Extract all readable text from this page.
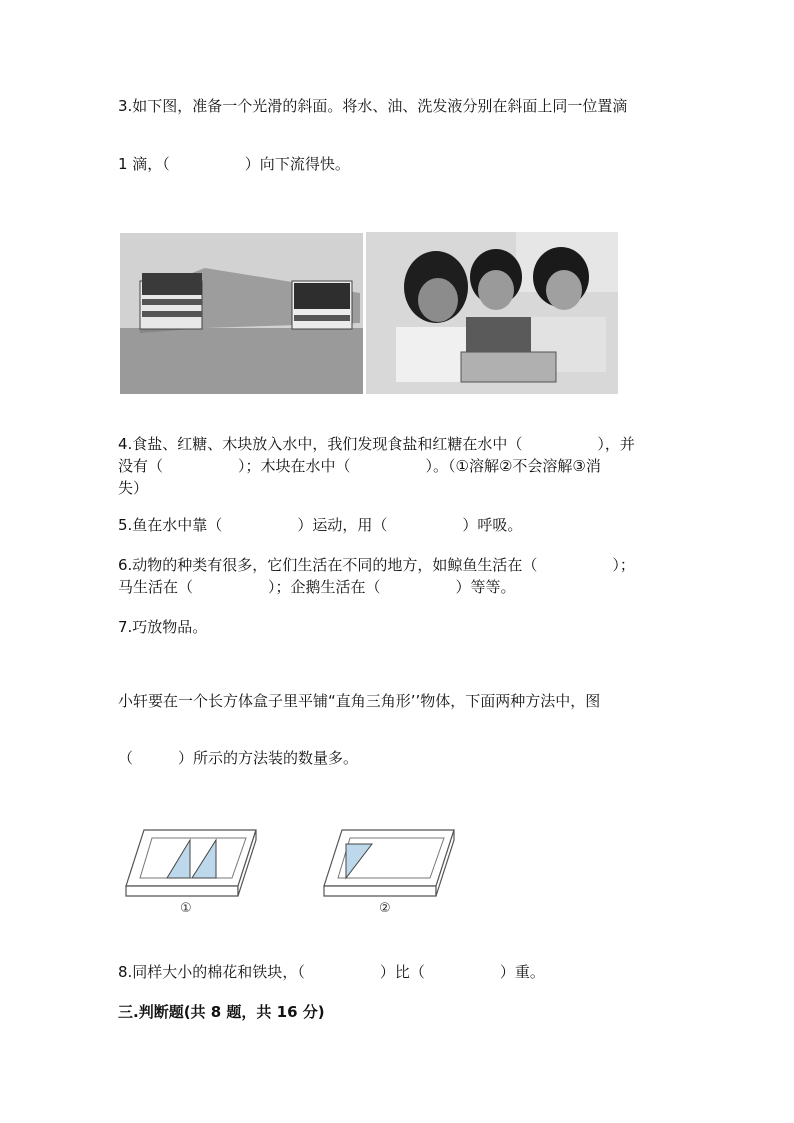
3.如下图，准备一个光滑的斜面。将水、油、洗发液分别在斜面上同一位置滴
1 滴，（　　　　　）向下流得快。
4.食盐、红糖、木块放入水中，我们发现食盐和红糖在水中（　　　　　），并
没有（　　　　　）；木块在水中（　　　　　）。（①溶解②不会溶解③消
失）
5.鱼在水中靠（　　　　　）运动，用（　　　　　）呼吸。
6.动物的种类有很多，它们生活在不同的地方，如鲸鱼生活在（　　　　　）；
马生活在（　　　　　）；企鹅生活在（　　　　　）等等。
7.巧放物品。
小轩要在一个长方体盒子里平铺“直角三角形’’物体，下面两种方法中，图
（　　　）所示的方法装的数量多。
①	②
8.同样大小的棉花和铁块，（　　　　　）比（　　　　　）重。
三.判断题(共 8 题，共 16 分)
